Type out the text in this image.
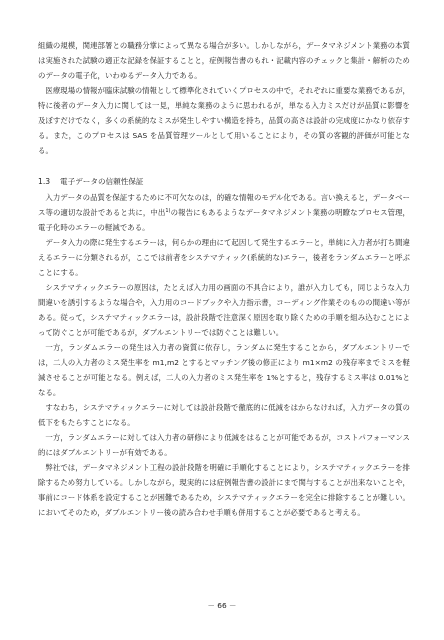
組織の規模，関連部署との職務分掌によって異なる場合が多い。しかしながら，データマネジメント業務の本質は実施された試験の適正な記録を保証することと，症例報告書のもれ・記載内容のチェックと集計・解析のためのデータの電子化，いわゆるデータ入力である。

医療現場の情報が臨床試験の情報として標準化されていくプロセスの中で，それぞれに重要な業務であるが，特に後者のデータ入力に関しては一見，単純な業務のように思われるが，単なる入力ミスだけが品質に影響を及ぼすだけでなく，多くの系統的なミスが発生しやすい構造を持ち，品質の高さは設計の完成度にかなり依存する。また，このプロセスは SAS を品質管理ツールとして用いることにより，その質の客観的評価が可能となる。

1.3 電子データの信頼性保証

入力データの品質を保証するために不可欠なのは，的確な情報のモデル化である。言い換えると，データベース等の適切な設計であると共に，中出$^{1)}$の報告にもあるようなデータマネジメント業務の明瞭なプロセス管理，電子化時のエラーの軽減である。

データ入力の際に発生するエラーは，何らかの理由にて起因して発生するエラーと，単純に入力者が打ち間違えるエラーに分類されるが，ここでは前者をシステマティック(系統的な)エラー，後者をランダムエラーと呼ぶことにする。

システマティックエラーの原因は，たとえば入力用の画面の不具合により，誰が入力しても，同じような入力間違いを誘引するような場合や，入力用のコードブックや入力指示書，コーディング作業そのものの間違い等がある。従って，システマティックエラーは，設計段階で注意深く原因を取り除くための手順を組み込むことによって防ぐことが可能であるが，ダブルエントリーでは防ぐことは難しい。

一方，ランダムエラーの発生は入力者の資質に依存し，ランダムに発生することから，ダブルエントリーでは，二人の入力者のミス発生率を m1,m2 とするとマッチング後の修正により m1×m2 の残存率までミスを軽減させることが可能となる。例えば，二人の入力者のミス発生率を 1%とすると，残存するミス率は 0.01%となる。

すなわち，システマティックエラーに対しては設計段階で徹底的に低減をはからなければ，入力データの質の低下をもたらすことになる。

一方，ランダムエラーに対しては入力者の研修により低減をはることが可能であるが，コストパフォーマンス的にはダブルエントリーが有効である。

弊社では，データマネジメント工程の設計段階を明確に手順化することにより，システマティックエラーを排除するため努力している。しかしながら，現実的には症例報告書の設計にまで関与することが出来ないことや，事前にコード体系を設定することが困難であるため，システマティックエラーを完全に排除することが難しい。においてそのため，ダブルエントリー後の読み合わせ手順も併用することが必要であると考える。

－ 66 －
